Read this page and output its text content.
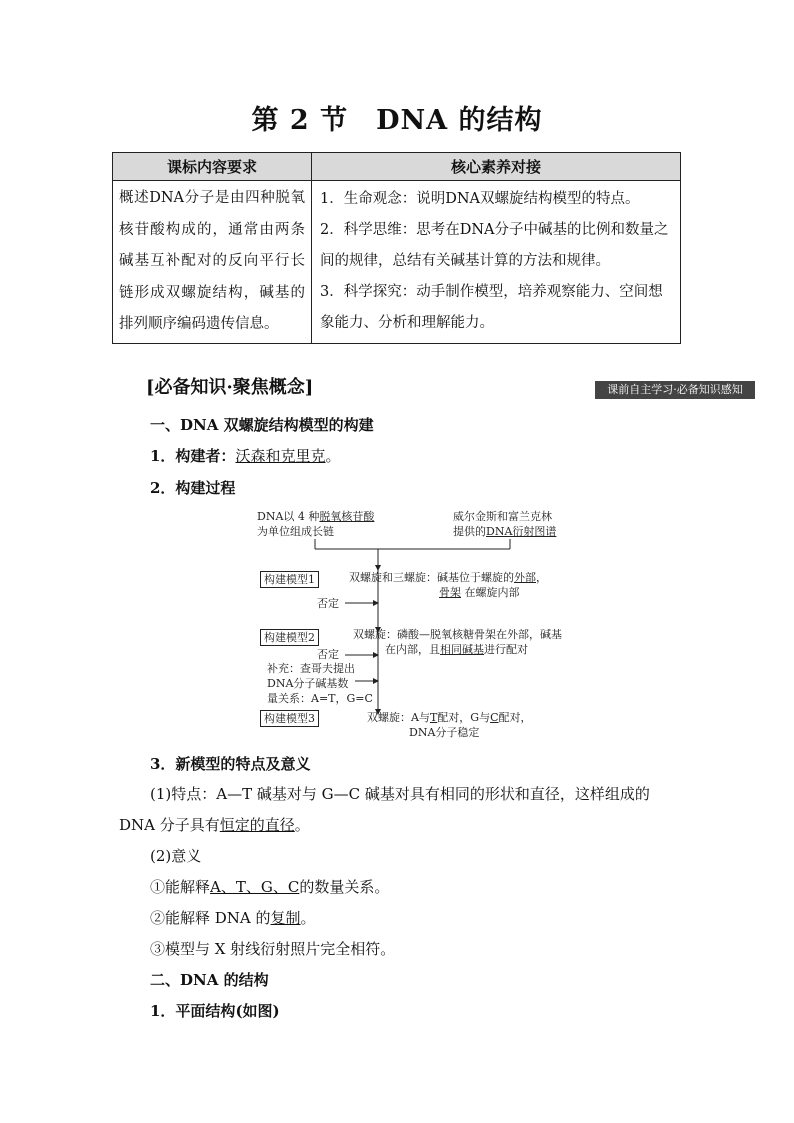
第 2 节　DNA 的结构
课标内容要求	核心素养对接
概述DNA分子是由四种脱氧核苷酸构成的，通常由两条碱基互补配对的反向平行长链形成双螺旋结构，碱基的排列顺序编码遗传信息。	1．生命观念：说明DNA双螺旋结构模型的特点。
2．科学思维：思考在DNA分子中碱基的比例和数量之间的规律，总结有关碱基计算的方法和规律。
3．科学探究：动手制作模型，培养观察能力、空间想象能力、分析和理解能力。
[必备知识·聚焦概念]	课前自主学习·必备知识感知
一、DNA 双螺旋结构模型的构建
1．构建者：沃森和克里克。
2．构建过程
DNA以 4 种脱氧核苷酸
为单位组成长链
威尔金斯和富兰克林
提供的DNA衍射图谱
构建模型1	双螺旋和三螺旋：碱基位于螺旋的外部，
骨架 在螺旋内部
否定
构建模型2	双螺旋：磷酸—脱氧核糖骨架在外部，碱基
在内部，且相同碱基进行配对
否定
补充：查哥夫提出
DNA分子碱基数
量关系：A=T，G=C
构建模型3	双螺旋：A与T配对，G与C配对，
DNA分子稳定
3．新模型的特点及意义
(1)特点：A—T 碱基对与 G—C 碱基对具有相同的形状和直径，这样组成的
DNA 分子具有恒定的直径。
(2)意义
①能解释A、T、G、C的数量关系。
②能解释 DNA 的复制。
③模型与 X 射线衍射照片完全相符。
二、DNA 的结构
1．平面结构(如图)
